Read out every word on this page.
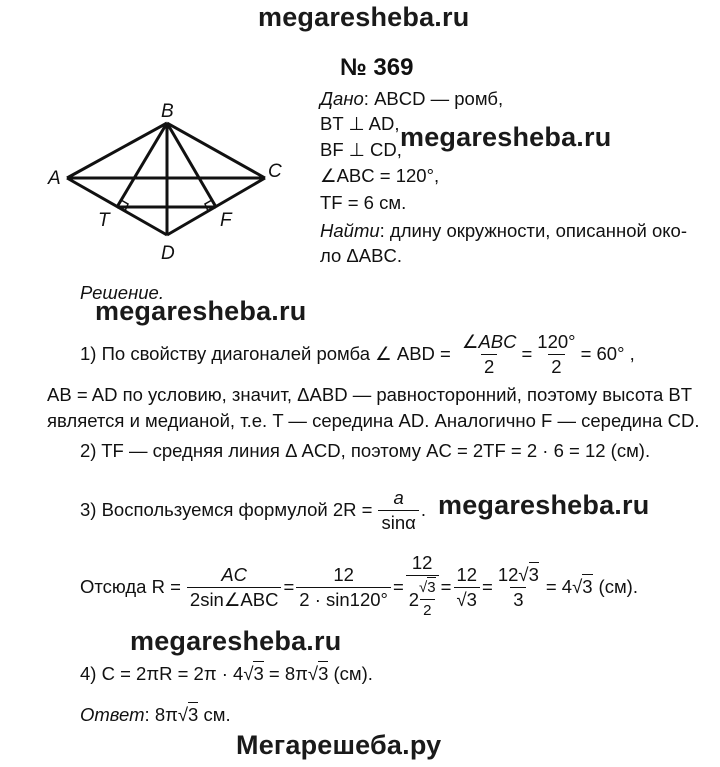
megaresheba.ru
megaresheba.ru
megaresheba.ru
megaresheba.ru
megaresheba.ru
Мегарешеба.ру
№ 369
B
A	C
D
T	F
Дано: ABCD — ромб,
BT ⊥ AD,
BF ⊥ CD,
∠ABC = 120°,
TF = 6 см.
Найти: длину окружности, описанной око-
ло ΔABC.
Решение.
1) По свойству диагоналей ромба ∠ ABD = $\frac{\text{∠ABC}}{2} = \frac{120^\circ}{2} = 60^\circ$ ,
AB = AD по условию, значит, ΔABD — равносторонний, поэтому высота BT
является и медианой, т.е. T — середина AD. Аналогично F — середина CD.
2) TF — средняя линия Δ ACD, поэтому AC = 2TF = 2 · 6 = 12 (см).
3) Воспользуемся формулой $2R = \frac{a}{\sin\alpha}$ .
Отсюда $R = \frac{AC}{\text{2sin∠ABC}} = \frac{12}{2 \cdot \sin 120^\circ} = \frac{12}{2 \frac{√3}{2}} = \frac{12}{√3} = \frac{12√3}{3} = 4$ √3 (см).
4) C = 2πR = 2π · 4√3 = 8π√3 (см).
Ответ: 8π√3 см.
